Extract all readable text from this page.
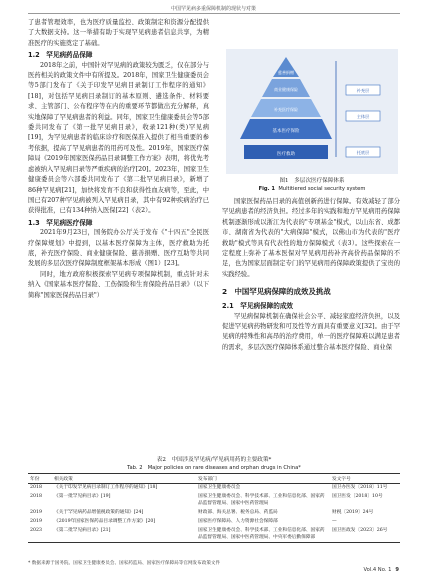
中国罕见病多重保障机制的现状与对策

了患者管理效率，也为医疗质量监控、政策制定和资源分配提供了大数据支持。这一举措有助于实现罕见病患者信息共享，为精准医疗的实施奠定了基础。

1.2　罕见病药品保障

2018年之前，中国针对罕见病的政策较为匮乏，仅在部分与医药相关的政策文件中有所提及。2018年，国家卫生健康委员会等5部门发布了《关于印发罕见病目录制订工作程序的通知》[18]，对包括罕见病目录制订的基本原则、遴选条件、材料要求、主管部门、公布程序等在内的重要环节都做出充分解释，真实地保障了罕见病患者的利益。同年，国家卫生健康委员会等5部委共同发布了《第一批罕见病目录》，收录121种(类)罕见病[19]，为罕见病患者的临床诊疗和医保准入提供了相当重要的参考依据，提高了罕见病患者的用药可及性。2019年，国家医疗保障局《2019年国家医保药品目录调整工作方案》表明，将优先考虑被纳入罕见病目录等严重疾病的治疗[20]。2023年，国家卫生健康委员会等六部委共同发布了《第二批罕见病目录》，新增了86种罕见病[21]，加快将发育不良和获得性血友病等，至此，中国已有207种罕见病被列入罕见病目录，其中有92种疾病治疗已获得批准，已有134种纳入医保[22]（表2）。

1.3　罕见病医疗保障

2021年9月23日，国务院办公厅关于发布《"十四五"全民医疗保障规划》中提到，以基本医疗保障为主体，医疗救助为托底，补充医疗保险、商业健康保险、慈善捐赠、医疗互助等共同发展的多层次医疗保障制度框架基本形成（图1）[23]。

同时，地方政府积极探索罕见病专项保障机制，重点针对未纳入《国家基本医疗保险、工伤保险和生育保险药品目录》（以下简称"国家医保药品目录"）

慈善捐赠
商业健康保险
补充医疗保险
基本医疗保险
医疗救助
补充层
主体层
托底层
图1　多层次医疗保障体系
Fig. 1 Multitiered social security system

国家医保药品目录的高值创新药进行保障。有效减轻了部分罕见病患者的经济负担。经过多年的实践和地方罕见病用药保障机制逐渐形成以浙江为代表的"专项基金"模式，以山东省、成都市、湖南省为代表的"大病保障"模式，以佛山市为代表的"医疗救助"模式等具有代表性的地方保障模式（表3）。这些探索在一定程度上弥补了基本医保对罕见病用药补齐高价药品保障的不足，也为国家层面制定专门的罕见病用药保障政策提供了宝贵的实践经验。

2　中国罕见病保障的成效及挑战
2.1　罕见病保障的成效

罕见病保障机制在确保社会公平、减轻家庭经济负担，以及促进罕见病药物研发和可及性等方面具有重要意义[32]。由于罕见病的特殊性和高昂的治疗费用，单一的医疗保障难以满足患者的需求，多层次医疗保障体系通过整合基本医疗保险、商业保

表2　中国涉及罕见病/罕见病用药的主要政策*
Tab. 2　Major policies on rare diseases and orphan drugs in China*
年份	相关政策	发布部门	发文字号
2018	《关于印发罕见病目录制订工作程序的通知》[18]	国家卫生健康委员会	国卫办医发〔2018〕11号
2018	《第一批罕见病目录》[19]	国家卫生健康委员会、科学技术部、工业和信息化部、国家药品监督管理局、国家中医药管理局	国卫医发〔2018〕10号
2019	《关于罕见病药品增值税政策的通知》[24]	财政部、海关总署、税务总局、药监局	财税〔2019〕24号
2019	《2019年国家医保药品目录调整工作方案》[20]	国家医疗保障局、人力资源社会保障部	—
2023	《第二批罕见病目录》[21]	国家卫生健康委员会、科学技术部、工业和信息化部、国家药品监督管理局、国家中医药管理局、中央军委后勤保障部	国卫医政发〔2023〕26号
* 数据来源于国务院、国家卫生健康委员会、国家药监局、国家医疗保障局等官网发布政策文件
Vol.4 No. 1 9
